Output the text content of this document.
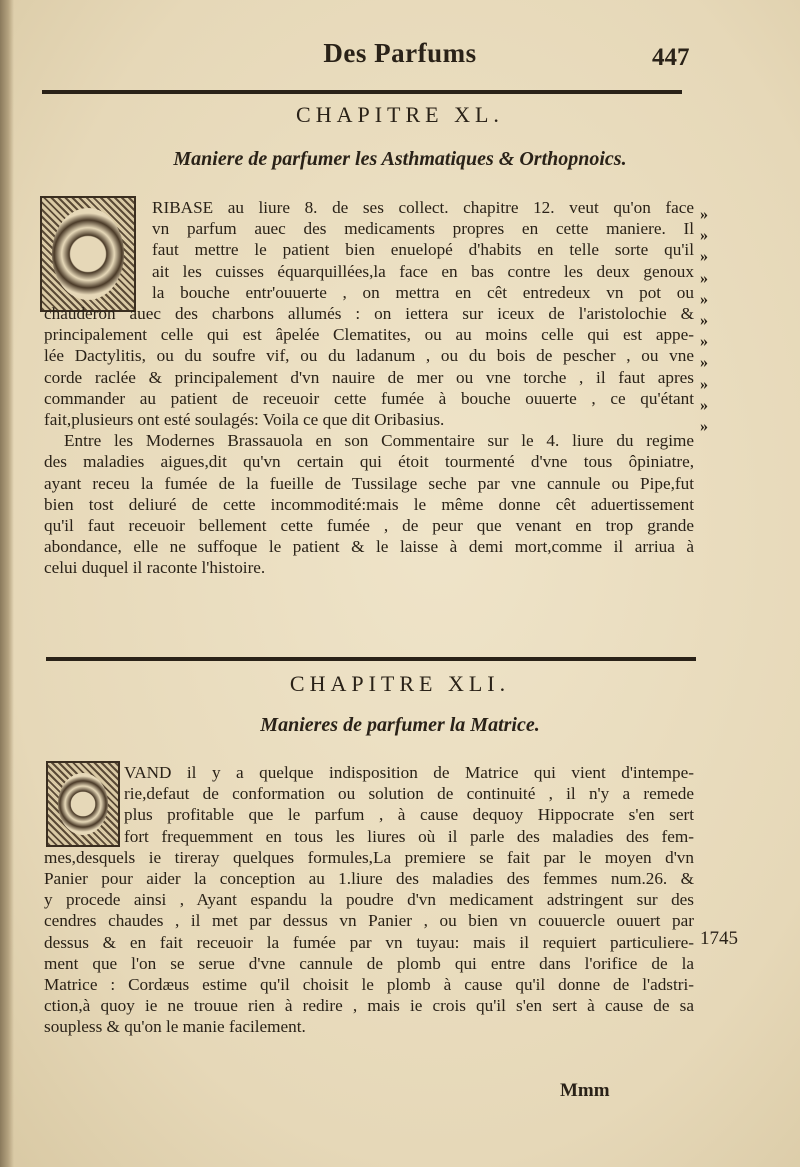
Des Parfums	447
CHAPITRE XL.
Maniere de parfumer les Asthmatiques & Orthopnoics.
RIBASE au liure 8. de ses collect. chapitre 12. veut qu'on face
vn parfum auec des medicaments propres en cette maniere. Il
faut mettre le patient bien enuelopé d'habits en telle sorte qu'il
ait les cuisses équarquillées,la face en bas contre les deux genoux
la bouche entr'ouuerte , on mettra en cêt entredeux vn pot ou
chauderon auec des charbons allumés : on iettera sur iceux de l'aristolochie &
principalement celle qui est âpelée Clematites, ou au moins celle qui est appe-
lée Dactylitis, ou du soufre vif, ou du ladanum , ou du bois de pescher , ou vne
corde raclée & principalement d'vn nauire de mer ou vne torche , il faut apres
commander au patient de receuoir cette fumée à bouche ouuerte , ce qu'étant
fait,plusieurs ont esté soulagés: Voila ce que dit Oribasius.
Entre les Modernes Brassauola en son Commentaire sur le 4. liure du regime
des maladies aigues,dit qu'vn certain qui étoit tourmenté d'vne tous ôpiniatre,
ayant receu la fumée de la fueille de Tussilage seche par vne cannule ou Pipe,fut
bien tost deliuré de cette incommodité:mais le même donne cêt aduertissement
qu'il faut receuoir bellement cette fumée , de peur que venant en trop grande
abondance, elle ne suffoque le patient & le laisse à demi mort,comme il arriua à
celui duquel il raconte l'histoire.
»
»
»
»
»
»
»
»
»
»
»
CHAPITRE XLI.
Manieres de parfumer la Matrice.
VAND il y a quelque indisposition de Matrice qui vient d'intempe-
rie,defaut de conformation ou solution de continuité , il n'y a remede
plus profitable que le parfum , à cause dequoy Hippocrate s'en sert
fort frequemment en tous les liures où il parle des maladies des fem-
mes,desquels ie tireray quelques formules,La premiere se fait par le moyen d'vn
Panier pour aider la conception au 1.liure des maladies des femmes num.26. &
y procede ainsi , Ayant espandu la poudre d'vn medicament adstringent sur des
cendres chaudes , il met par dessus vn Panier , ou bien vn couuercle ouuert par
dessus & en fait receuoir la fumée par vn tuyau: mais il requiert particuliere-
ment que l'on se serue d'vne cannule de plomb qui entre dans l'orifice de la
Matrice : Cordæus estime qu'il choisit le plomb à cause qu'il donne de l'adstri-
ction,à quoy ie ne trouue rien à redire , mais ie crois qu'il s'en sert à cause de sa
soupless & qu'on le manie facilement.
1745
Mmm
